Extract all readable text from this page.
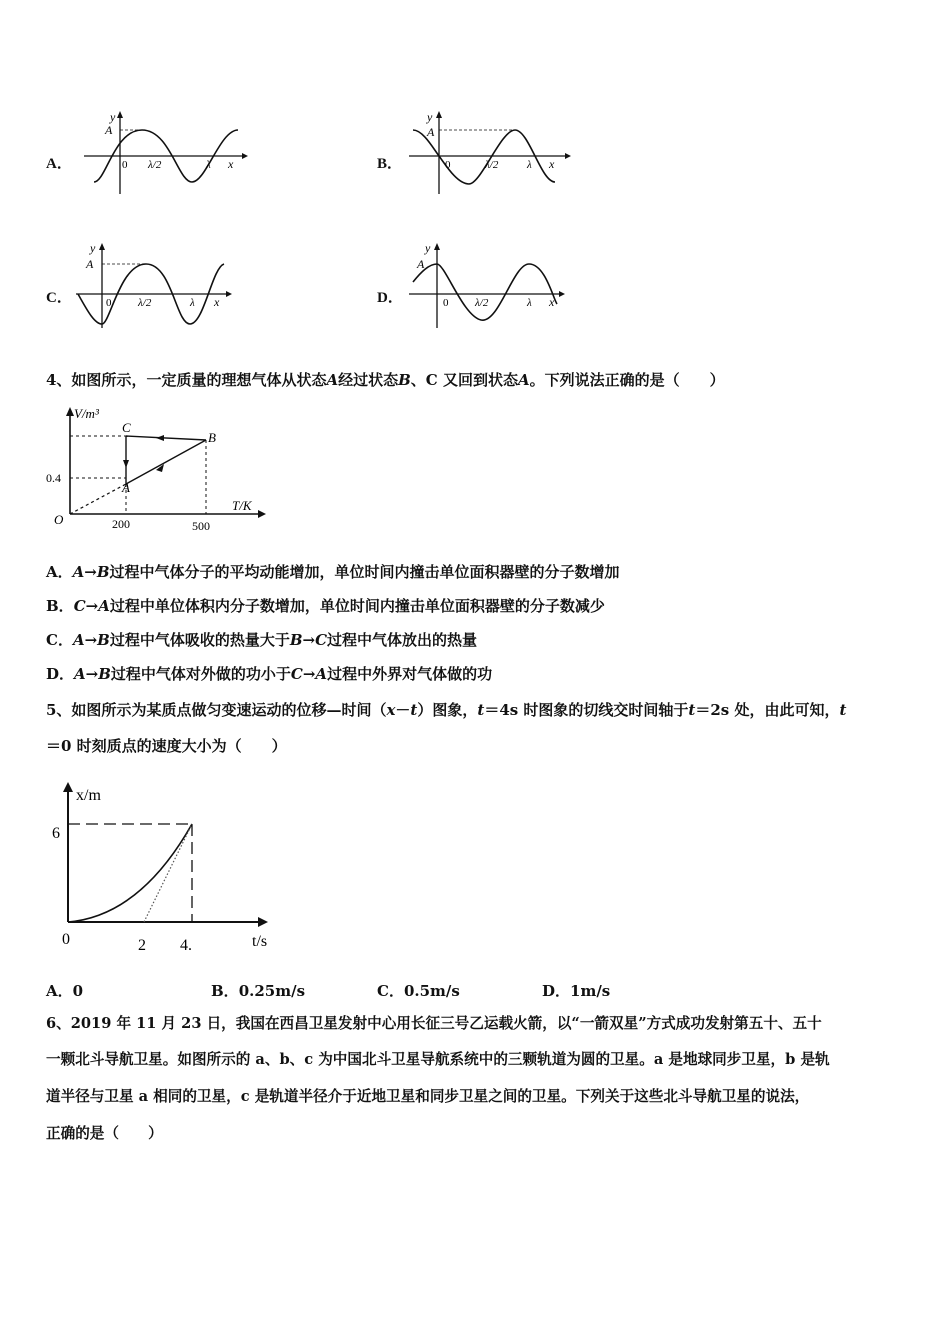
A．
y
A
0 λ/2	λ x	B．
y
A
0	λ/2	λ x
C．
y
A
0 λ/2	λ x	D．
y
A
0 λ/2	λ x
4、如图所示，一定质量的理想气体从状态A经过状态B、C 又回到状态A。下列说法正确的是（　　）
V/m³
T/K
O
0.4
200	500
A
B
C
A．A→B过程中气体分子的平均动能增加，单位时间内撞击单位面积器壁的分子数增加
B．C→A过程中单位体积内分子数增加，单位时间内撞击单位面积器壁的分子数减少
C．A→B过程中气体吸收的热量大于B→C过程中气体放出的热量
D．A→B过程中气体对外做的功小于C→A过程中外界对气体做的功
5、如图所示为某质点做匀变速运动的位移—时间（x－t）图象，t＝4s 时图象的切线交时间轴于t＝2s 处，由此可知，t
＝0 时刻质点的速度大小为（　　）
x/m
6
0	2 4.	t/s
A．0	B．0.25m/s	C．0.5m/s	D．1m/s
6、2019 年 11 月 23 日，我国在西昌卫星发射中心用长征三号乙运载火箭，以“一箭双星”方式成功发射第五十、五十
一颗北斗导航卫星。如图所示的 a、b、c 为中国北斗卫星导航系统中的三颗轨道为圆的卫星。a 是地球同步卫星，b 是轨
道半径与卫星 a 相同的卫星，c 是轨道半径介于近地卫星和同步卫星之间的卫星。下列关于这些北斗导航卫星的说法，
正确的是（　　）
